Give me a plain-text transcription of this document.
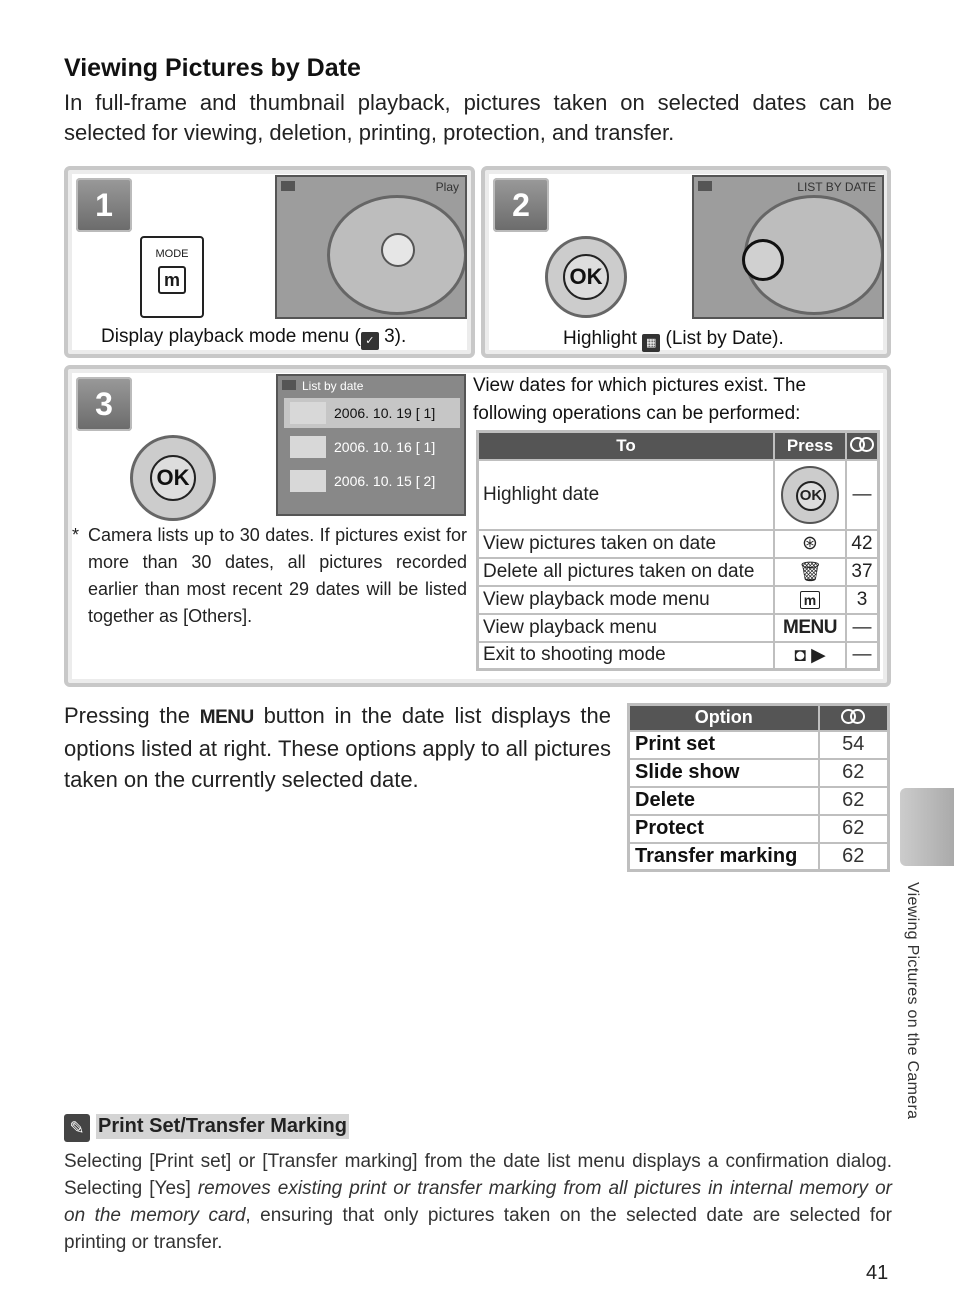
Viewing Pictures by Date

In full-frame and thumbnail playback, pictures taken on selected dates can be selected for viewing, deletion, printing, protection, and transfer.

1
MODE
m
Play
Display playback mode menu ( ✓ 3).
2
OK
LIST BY DATE
Highlight ▦ (List by Date).
3
OK
List by date
2006. 10. 19 [ 1]
2006. 10. 16 [ 1]
2006. 10. 15 [ 2]
* Camera lists up to 30 dates. If pictures exist for more than 30 dates, all pictures recorded earlier than most recent 29 dates will be listed together as [Others].
View dates for which pictures exist. The following operations can be performed:
To	Press	
Highlight date	OK	—
View pictures taken on date	⊛	42
Delete all pictures taken on date	🗑	37
View playback mode menu	m	3
View playback menu	MENU	—
Exit to shooting mode	◘ ▶	—

Pressing the MENU button in the date list displays the options listed at right. These options apply to all pictures taken on the currently selected date.

Option	
Print set	54
Slide show	62
Delete	62
Protect	62
Transfer marking	62
Viewing Pictures on the Camera
✎ Print Set/Transfer Marking

Selecting [Print set] or [Transfer marking] from the date list menu displays a confirmation dialog. Selecting [Yes] removes existing print or transfer marking from all pictures in internal memory or on the memory card, ensuring that only pictures taken on the selected date are selected for printing or transfer.

41
